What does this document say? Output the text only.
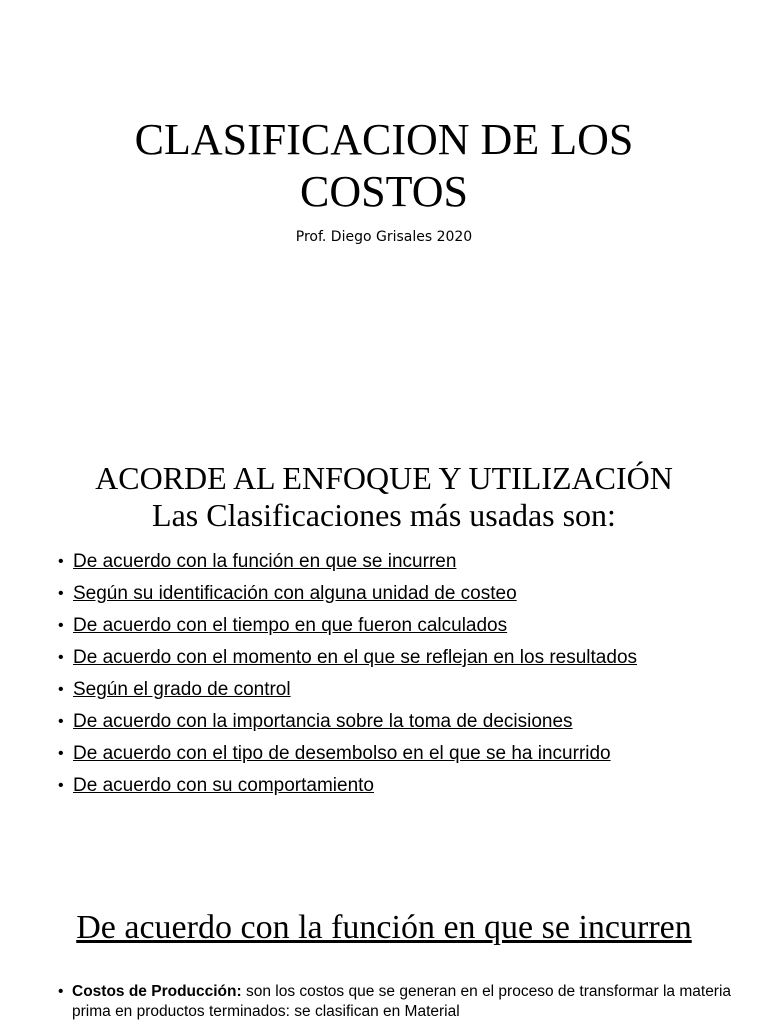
CLASIFICACION DE LOS
COSTOS
Prof. Diego Grisales 2020
ACORDE AL ENFOQUE Y UTILIZACIÓN
Las Clasificaciones más usadas son:
• De acuerdo con la función en que se incurren
• Según su identificación con alguna unidad de costeo
• De acuerdo con el tiempo en que fueron calculados
• De acuerdo con el momento en el que se reflejan en los resultados
• Según el grado de control
• De acuerdo con la importancia sobre la toma de decisiones
• De acuerdo con el tipo de desembolso en el que se ha incurrido
• De acuerdo con su comportamiento
De acuerdo con la función en que se incurren
• Costos de Producción: son los costos que se generan en el proceso de transformar la materia prima en productos terminados: se clasifican en Material
